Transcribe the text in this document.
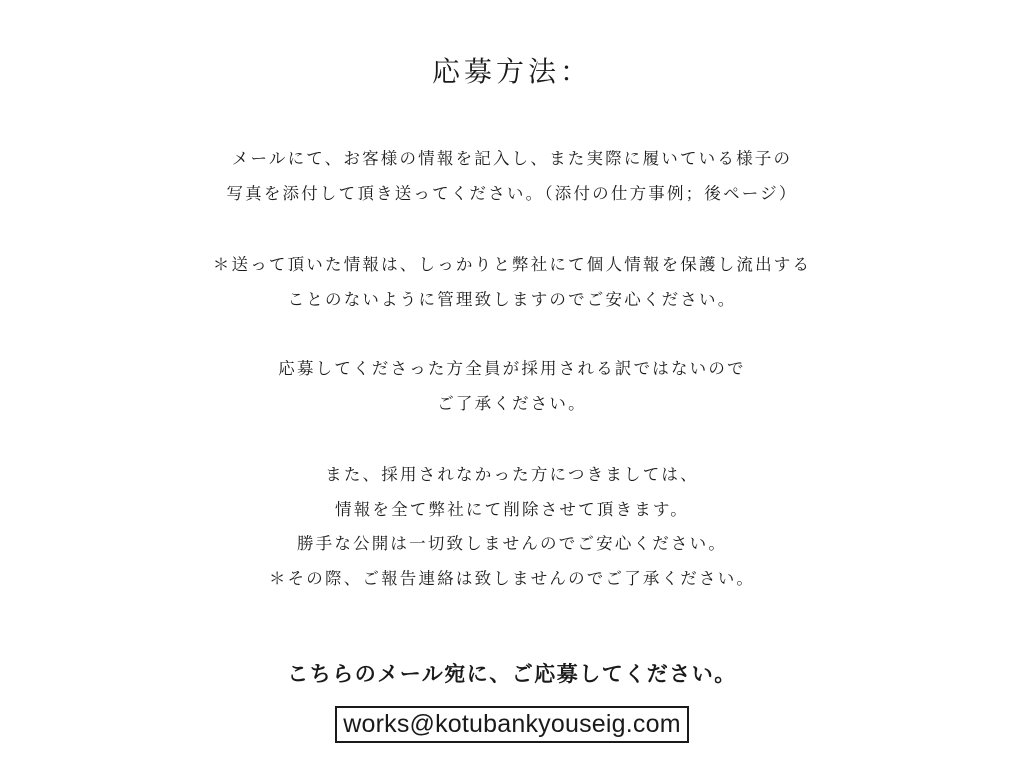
応募方法：

メールにて、お客様の情報を記入し、また実際に履いている様子の
写真を添付して頂き送ってください。（添付の仕方事例；後ページ）

＊送って頂いた情報は、しっかりと弊社にて個人情報を保護し流出する
ことのないように管理致しますのでご安心ください。

応募してくださった方全員が採用される訳ではないので
ご了承ください。

また、採用されなかった方につきましては、
情報を全て弊社にて削除させて頂きます。
勝手な公開は一切致しませんのでご安心ください。
＊その際、ご報告連絡は致しませんのでご了承ください。

こちらのメール宛に、ご応募してください。

works@kotubankyouseig.com
